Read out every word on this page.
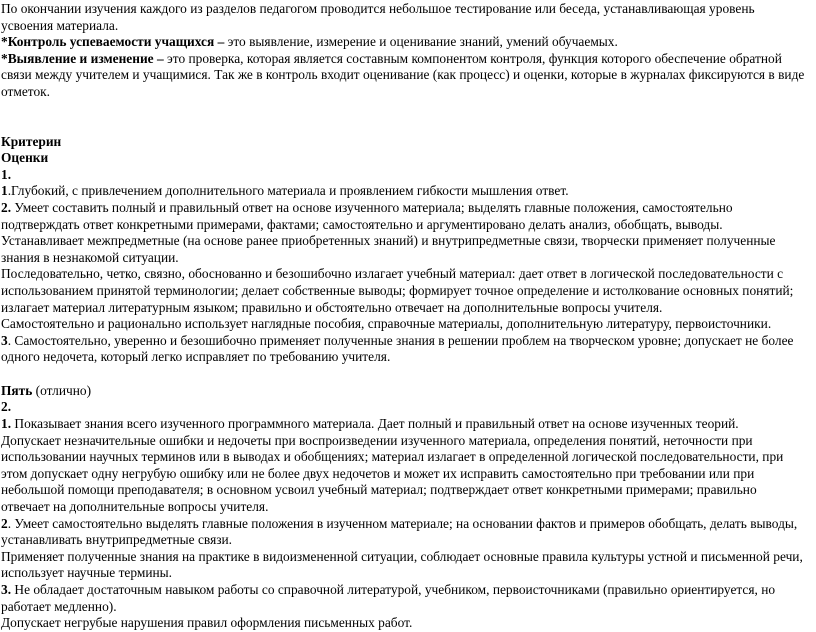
По окончании изучения каждого из разделов педагогом проводится небольшое тестирование или беседа, устанавливающая уровень усвоения материала.

*Контроль успеваемости учащихся – это выявление, измерение и оценивание знаний, умений обучаемых.

*Выявление и изменение – это проверка, которая является составным компонентом контроля, функция которого обеспечение обратной связи между учителем и учащимися. Так же в контроль входит оценивание (как процесс) и оценки, которые в журналах фиксируются в виде отметок.

Критерин

Оценки

1.

1.Глубокий, с привлечением дополнительного материала и проявлением гибкости мышления ответ.

2. Умеет составить полный и правильный ответ на основе изученного материала; выделять главные положения, самостоятельно подтверждать ответ конкретными примерами, фактами; самостоятельно и аргументировано делать анализ, обобщать, выводы. Устанавливает межпредметные (на основе ранее приобретенных знаний) и внутрипредметные связи, творчески применяет полученные знания в незнакомой ситуации.

Последовательно, четко, связно, обоснованно и безошибочно излагает учебный материал: дает ответ в логической последовательности с использованием принятой терминологии; делает собственные выводы; формирует точное определение и истолкование основных понятий; излагает материал литературным языком; правильно и обстоятельно отвечает на дополнительные вопросы учителя.

Самостоятельно и рационально использует наглядные пособия, справочные материалы, дополнительную литературу, первоисточники.

3. Самостоятельно, уверенно и безошибочно применяет полученные знания в решении проблем на творческом уровне; допускает не более одного недочета, который легко исправляет по требованию учителя.

Пять (отлично)

2.

1. Показывает знания всего изученного программного материала. Дает полный и правильный ответ на основе изученных теорий.

Допускает незначительные ошибки и недочеты при воспроизведении изученного материала, определения понятий, неточности при использовании научных терминов или в выводах и обобщениях; материал излагает в определенной логической последовательности, при этом допускает одну негрубую ошибку или не более двух недочетов и может их исправить самостоятельно при требовании или при небольшой помощи преподавателя; в основном усвоил учебный материал; подтверждает ответ конкретными примерами; правильно отвечает на дополнительные вопросы учителя.

2. Умеет самостоятельно выделять главные положения в изученном материале; на основании фактов и примеров обобщать, делать выводы, устанавливать внутрипредметные связи.

Применяет полученные знания на практике в видоизмененной ситуации, соблюдает основные правила культуры устной и письменной речи, использует научные термины.

3. Не обладает достаточным навыком работы со справочной литературой, учебником, первоисточниками (правильно ориентируется, но работает медленно).

Допускает негрубые нарушения правил оформления письменных работ.
